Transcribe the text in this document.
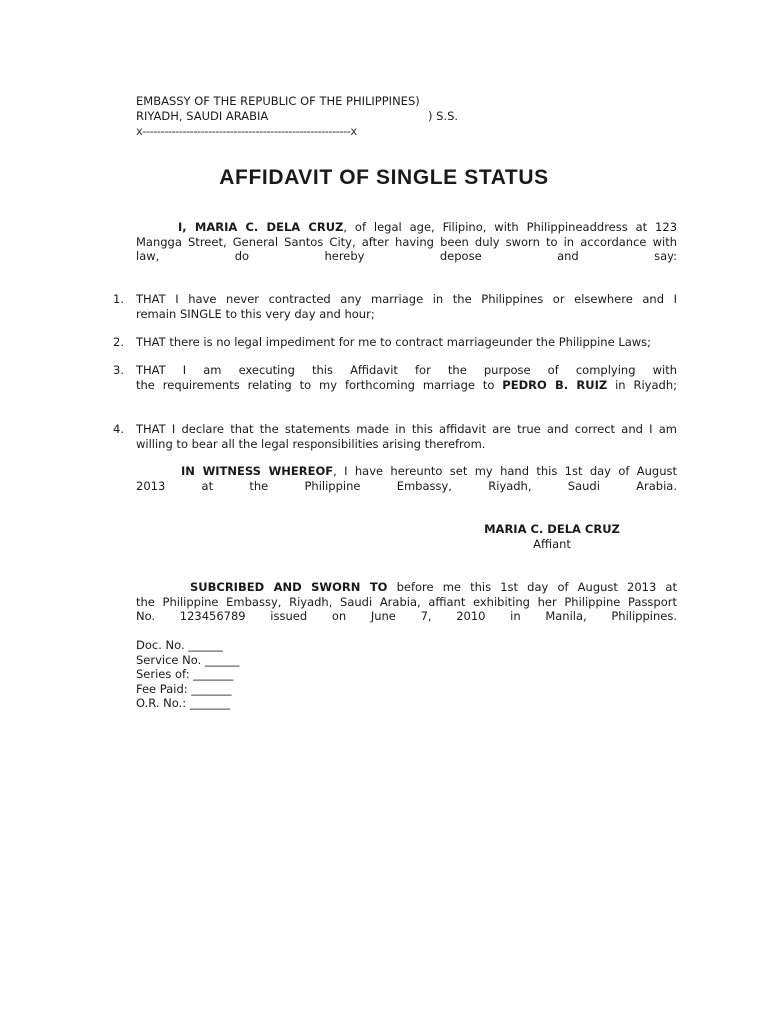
EMBASSY OF THE REPUBLIC OF THE PHILIPPINES)
RIYADH, SAUDI ARABIA	) S.S.
x---------------------------------------------------------x
AFFIDAVIT OF SINGLE STATUS
I, MARIA C. DELA CRUZ, of legal age, Filipino, with Philippineaddress at 123
Mangga Street, General Santos City, after having been duly sworn to in accordance with
law, do hereby depose and say:
1. THAT I have never contracted any marriage in the Philippines or elsewhere and I
remain SINGLE to this very day and hour;
2. THAT there is no legal impediment for me to contract marriageunder the Philippine Laws;
3. THAT I am executing this Affidavit for the purpose of complying with
the requirements relating to my forthcoming marriage to PEDRO B. RUIZ in Riyadh;
4. THAT I declare that the statements made in this affidavit are true and correct and I am
willing to bear all the legal responsibilities arising therefrom.
IN WITNESS WHEREOF, I have hereunto set my hand this 1st day of August
2013 at the Philippine Embassy, Riyadh, Saudi Arabia.
MARIA C. DELA CRUZ
Affiant
SUBCRIBED AND SWORN TO before me this 1st day of August 2013 at
the Philippine Embassy, Riyadh, Saudi Arabia, affiant exhibiting her Philippine Passport
No. 123456789 issued on June 7, 2010 in Manila, Philippines.
Doc. No. ______
Service No. ______
Series of: _______
Fee Paid: _______
O.R. No.: _______
